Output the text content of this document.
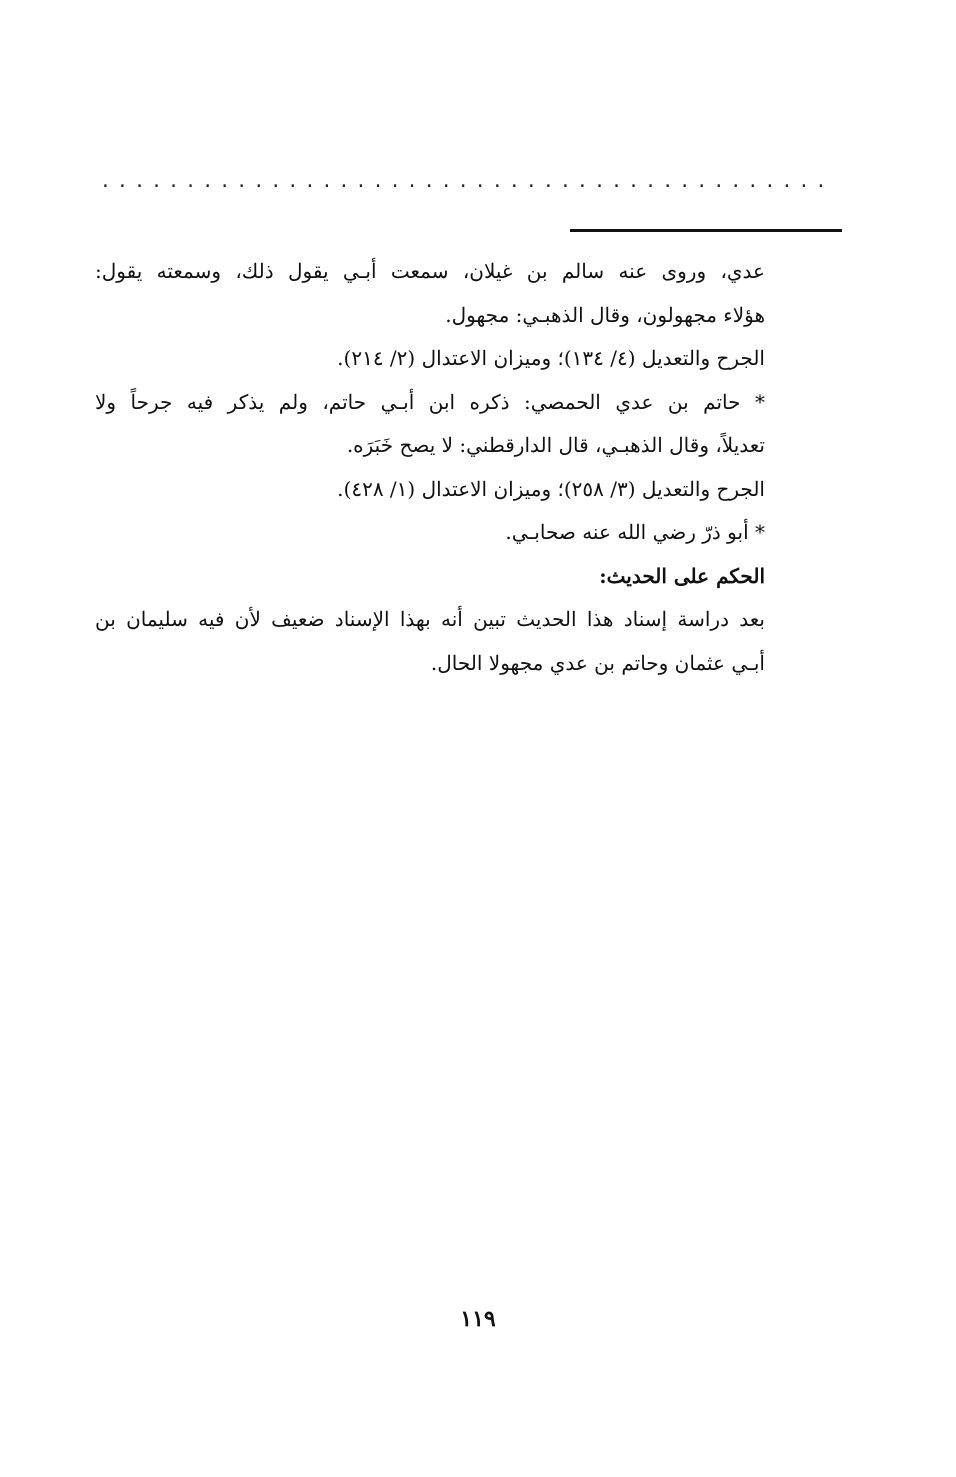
...........................................
عدي، وروى عنه سالم بن غيلان، سمعت أبـي يقول ذلك، وسمعته يقول:
هؤلاء مجهولون، وقال الذهبـي: مجهول.
الجرح والتعديل (٤/ ١٣٤)؛ وميزان الاعتدال (٢/ ٢١٤).
* حاتم بن عدي الحمصي: ذكره ابن أبـي حاتم، ولم يذكر فيه جرحاً ولا
تعديلاً، وقال الذهبـي، قال الدارقطني: لا يصح خَبَرَه.
الجرح والتعديل (٣/ ٢٥٨)؛ وميزان الاعتدال (١/ ٤٢٨).
* أبو ذرّ رضي الله عنه صحابـي.
الحكم على الحديث:
بعد دراسة إسناد هذا الحديث تبين أنه بهذا الإسناد ضعيف لأن فيه سليمان بن
أبـي عثمان وحاتم بن عدي مجهولا الحال.
١١٩
